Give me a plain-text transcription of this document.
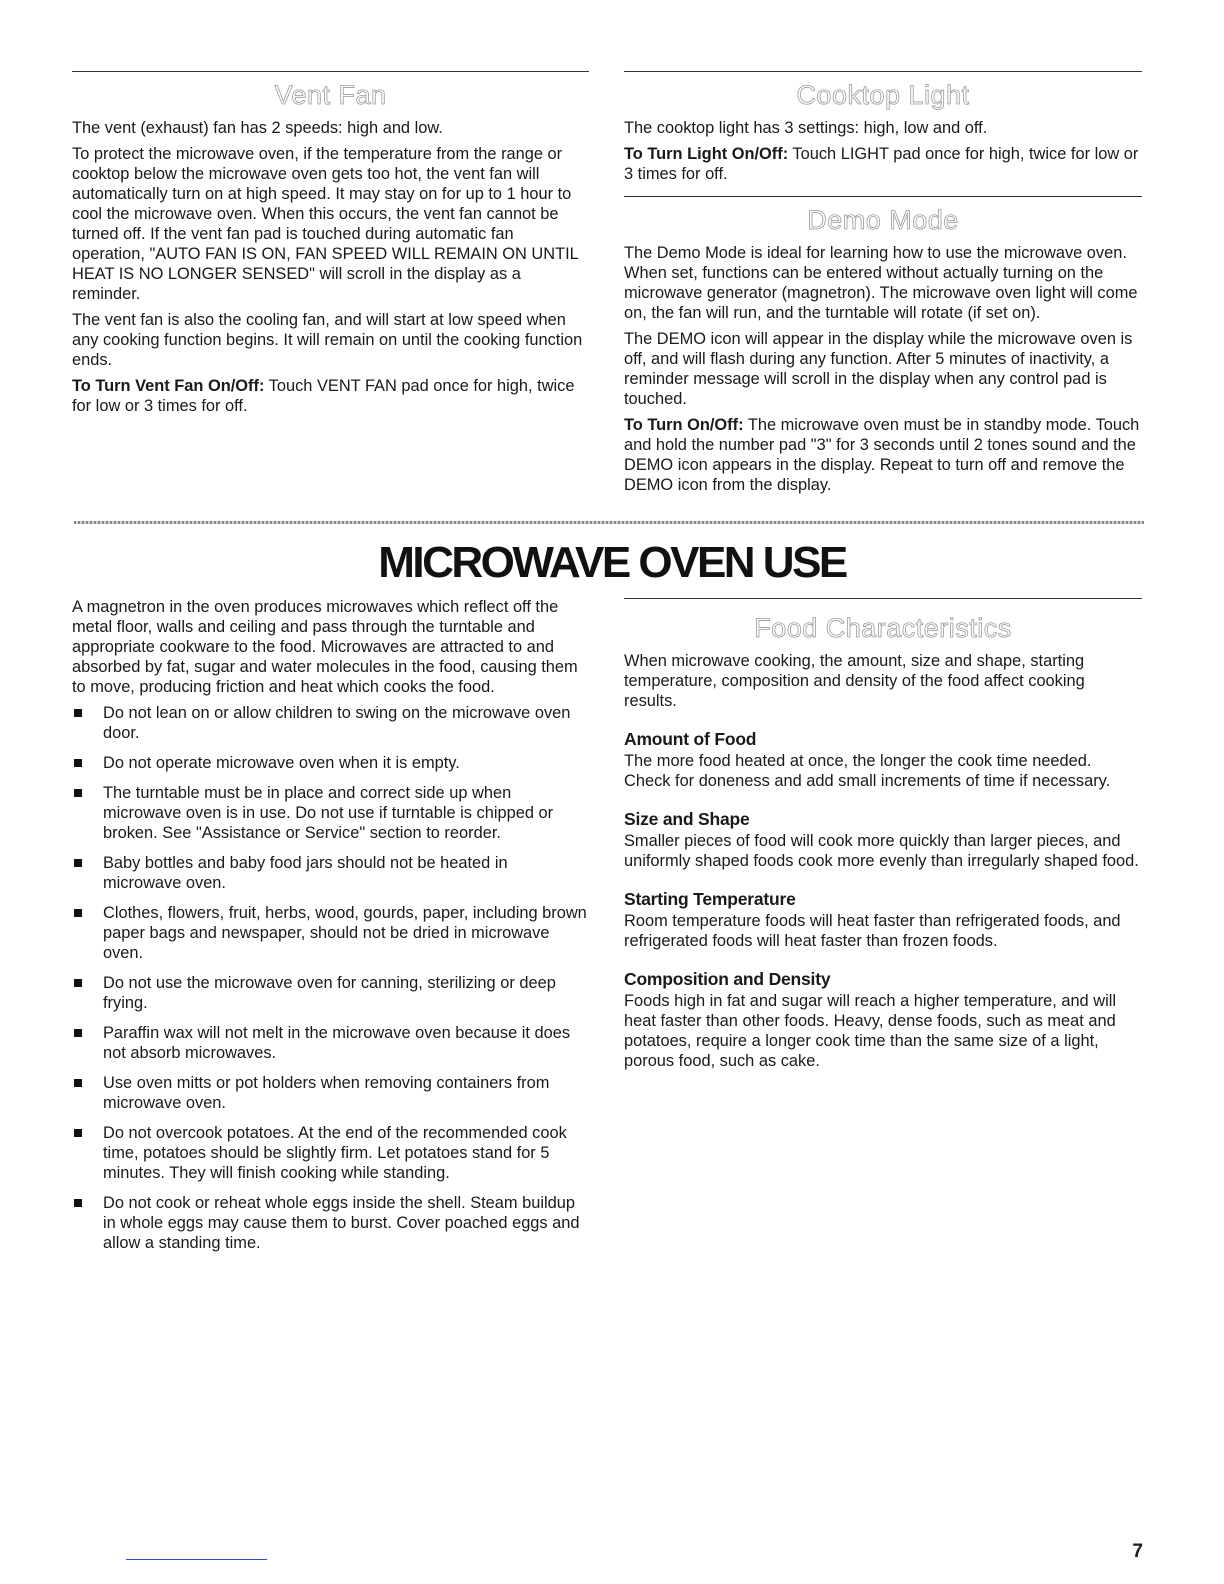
Vent Fan

The vent (exhaust) fan has 2 speeds: high and low.

To protect the microwave oven, if the temperature from the range or cooktop below the microwave oven gets too hot, the vent fan will automatically turn on at high speed. It may stay on for up to 1 hour to cool the microwave oven. When this occurs, the vent fan cannot be turned off. If the vent fan pad is touched during automatic fan operation, "AUTO FAN IS ON, FAN SPEED WILL REMAIN ON UNTIL HEAT IS NO LONGER SENSED" will scroll in the display as a reminder.

The vent fan is also the cooling fan, and will start at low speed when any cooking function begins. It will remain on until the cooking function ends.

To Turn Vent Fan On/Off: Touch VENT FAN pad once for high, twice for low or 3 times for off.

Cooktop Light

The cooktop light has 3 settings: high, low and off.

To Turn Light On/Off: Touch LIGHT pad once for high, twice for low or 3 times for off.

Demo Mode

The Demo Mode is ideal for learning how to use the microwave oven. When set, functions can be entered without actually turning on the microwave generator (magnetron). The microwave oven light will come on, the fan will run, and the turntable will rotate (if set on).

The DEMO icon will appear in the display while the microwave oven is off, and will flash during any function. After 5 minutes of inactivity, a reminder message will scroll in the display when any control pad is touched.

To Turn On/Off: The microwave oven must be in standby mode. Touch and hold the number pad "3" for 3 seconds until 2 tones sound and the DEMO icon appears in the display. Repeat to turn off and remove the DEMO icon from the display.

MICROWAVE OVEN USE

A magnetron in the oven produces microwaves which reflect off the metal floor, walls and ceiling and pass through the turntable and appropriate cookware to the food. Microwaves are attracted to and absorbed by fat, sugar and water molecules in the food, causing them to move, producing friction and heat which cooks the food.

Do not lean on or allow children to swing on the microwave oven door.
Do not operate microwave oven when it is empty.
The turntable must be in place and correct side up when microwave oven is in use. Do not use if turntable is chipped or broken. See "Assistance or Service" section to reorder.
Baby bottles and baby food jars should not be heated in microwave oven.
Clothes, flowers, fruit, herbs, wood, gourds, paper, including brown paper bags and newspaper, should not be dried in microwave oven.
Do not use the microwave oven for canning, sterilizing or deep frying.
Paraffin wax will not melt in the microwave oven because it does not absorb microwaves.
Use oven mitts or pot holders when removing containers from microwave oven.
Do not overcook potatoes. At the end of the recommended cook time, potatoes should be slightly firm. Let potatoes stand for 5 minutes. They will finish cooking while standing.
Do not cook or reheat whole eggs inside the shell. Steam buildup in whole eggs may cause them to burst. Cover poached eggs and allow a standing time.
Food Characteristics

When microwave cooking, the amount, size and shape, starting temperature, composition and density of the food affect cooking results.

Amount of Food

The more food heated at once, the longer the cook time needed. Check for doneness and add small increments of time if necessary.

Size and Shape

Smaller pieces of food will cook more quickly than larger pieces, and uniformly shaped foods cook more evenly than irregularly shaped food.

Starting Temperature

Room temperature foods will heat faster than refrigerated foods, and refrigerated foods will heat faster than frozen foods.

Composition and Density

Foods high in fat and sugar will reach a higher temperature, and will heat faster than other foods. Heavy, dense foods, such as meat and potatoes, require a longer cook time than the same size of a light, porous food, such as cake.

7
